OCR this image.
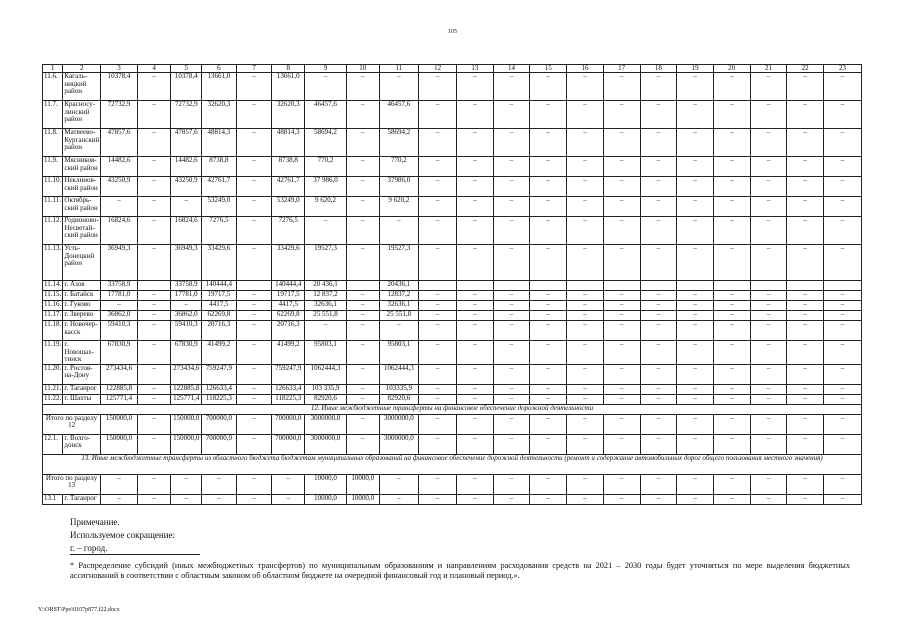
105
1	2	3	4	5	6	7	8	9	10	11	12	13	14	15	16	17	18	19	20	21	22	23
11.6.	Кагаль- ницкий район	10378,4	–	10378,4	13661,0	–	13661,0	–	–	–	–	–	–	–	–	–	–	–	–	–	–	–
11.7.	Красносу- линский район	72732,9	–	72732,9	32620,3	–	32620,3	46457,6	–	46457,6	–	–	–	–	–	–	–	–	–	–	–	–
11.8.	Матвеево- Курганский район	47857,6	–	47857,6	48814,3	–	48814,3	58694,2	–	58694,2	–	–	–	–	–	–	–	–	–	–	–	–
11.9.	Мясников- ский район	14482,6	–	14482,6	8738,8	–	8738,8	770,2	–	770,2	–	–	–	–	–	–	–	–	–	–	–	–
11.10.	Неклинов- ский район	43250,9	–	43250,9	42761,7	–	42761,7	37 986,0	–	37986,0	–	–	–	–	–	–	–	–	–	–	–	–
11.11.	Октябрь- ский район	–	–	–	53249,0	–	53249,0	9 620,2	–	9 620,2	–	–	–	–	–	–	–	–	–	–	–	–
11.12.	Родионово- Несветай- ский район	16824,6	–	16824,6	7276,5	–	7276,5	–	–	–	–	–	–	–	–	–	–	–	–	–	–	–
11.13.	Усть- Донецкий район	36949,3	–	36949,3	33429,6	–	33429,6	19527,3	–	19527,3	–	–	–	–	–	–	–	–	–	–	–	–
11.14.	г. Азов	33758,9		33758,9	140444,4		140444,4	20 436,1		20436,1												
11.15.	г. Батайск	17781,0	–	17781,0	19717,5	–	19717,5	12 837,2	–	12837,2	–	–	–	–	–	–	–	–	–	–	–	–
11.16.	г. Гуково	–	–	–	4417,5	–	4417,5	32636,1	–	32636,1	–	–	–	–	–	–	–	–	–	–	–	–
11.17.	г. Зверево	36862,0	–	36862,0	62269,8	–	62269,8	25 551,8	–	25 551,8	–	–	–	–	–	–	–	–	–	–	–	–
11.18.	г. Новочер- касск	59410,3	–	59410,3	20716,3	–	20716,3	–	–	–	–	–	–	–	–	–	–	–	–	–	–	–
11.19.	г. Новошах- тинск	67830,9	–	67830,9	41499,2	–	41499,2	95803,1	–	95803,1	–	–	–	–	–	–	–	–	–	–	–	–
11.20.	г. Ростов- на-Дону	273434,6	–	273434,6	759247,9	–	759247,9	1062444,3	–	1062444,3	–	–	–	–	–	–	–	–	–	–	–	–
11.21.	г. Таганрог	122885,8	–	122885,8	126633,4	–	126633,4	103 335,9	–	103335,9	–	–	–	–	–	–	–	–	–	–	–	–
11.22.	г. Шахты	125771,4	–	125771,4	118225,3	–	118225,3	82920,6	–	82920,6	–	–	–	–	–	–	–	–	–	–	–	–
12. Иные межбюджетные трансферты на финансовое обеспечение дорожной деятельности																						
Итого по разделу 12		150000,0	–	150000,0	700000,0	–	700000,0	3000000,0	–	3000000,0	–	–	–	–	–	–	–	–	–	–	–	–
12.1.	г. Волго- донск	150000,0	–	150000,0	700000,0	–	700000,0	3000000,0	–	3000000,0	–	–	–	–	–	–	–	–	–	–	–	–
13. Иные межбюджетные трансферты из областного бюджета бюджетам муниципальных образований на финансовое обеспечение дорожной деятельности (ремонт и содержание автомобильных дорог общего пользования местного значения)																						
Итого по разделу 13		–	–	–	–	–	–	10000,0	10000,0	–	–	–	–	–	–	–	–	–	–	–	–	–
13.1	г. Таганрог	–	–	–	–	–	–	10000,0	10000,0	–	–	–	–	–	–	–	–	–	–	–	–	–
Примечание.
Используемое сокращение:
г. – город.
* Распределение субсидий (иных межбюджетных трансфертов) по муниципальным образованиям и направлениям расходования средств на 2021 – 2030 годы будет уточняться по мере выделения бюджетных ассигнований в соответствии с областным законом об областном бюджете на очередной финансовый год и плановый период.».
Y:\ORST\Ppo\0107p877.f22.docx
